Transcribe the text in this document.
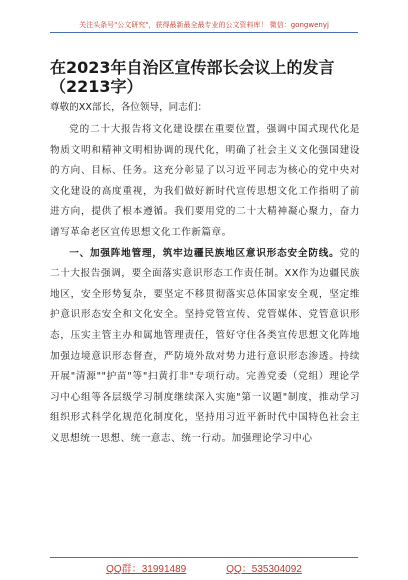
关注头条号"公文研究"，获得最新最全最专业的公文资料库！ 微信：gongwenyj
在2023年自治区宣传部长会议上的发言
（2213字）
尊敬的XX部长，各位领导，同志们：

党的二十大报告将文化建设摆在重要位置，强调中国式现代化是物质文明和精神文明相协调的现代化，明确了社会主义文化强国建设的方向、目标、任务。这充分彰显了以习近平同志为核心的党中央对文化建设的高度重视，为我们做好新时代宣传思想文化工作指明了前进方向，提供了根本遵循。我们要用党的二十大精神凝心聚力，奋力谱写革命老区宣传思想文化工作新篇章。

一、加强阵地管理，筑牢边疆民族地区意识形态安全防线。党的二十大报告强调，要全面落实意识形态工作责任制。XX作为边疆民族地区，安全形势复杂，要坚定不移贯彻落实总体国家安全观，坚定维护意识形态安全和文化安全。坚持党管宣传、党管媒体、党管意识形态，压实主管主办和属地管理责任，管好守住各类宣传思想文化阵地加强边境意识形态督查，严防境外敌对势力进行意识形态渗透。持续开展"清源""护苗"等"扫黄打非"专项行动。完善党委（党组）理论学习中心组等各层级学习制度继续深入实施"第一议题"制度，推动学习组织形式科学化规范化制度化，坚持用习近平新时代中国特色社会主义思想统一思想、统一意志、统一行动。加强理论学习中心

QQ群：31991489	QQ：535304092
